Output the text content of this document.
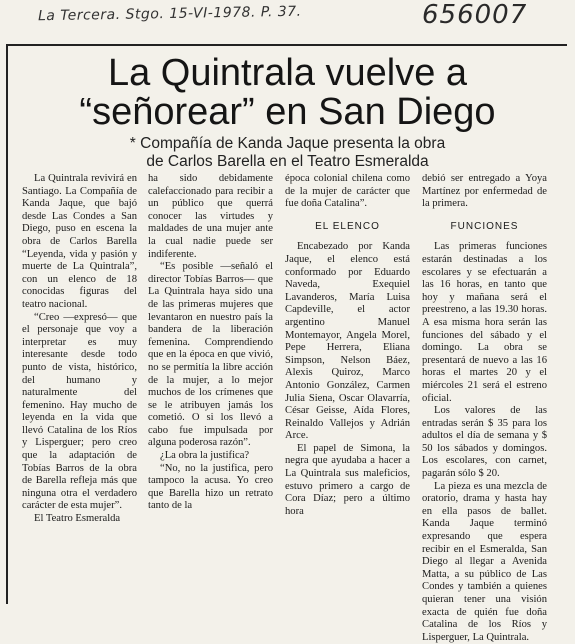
La Tercera. Stgo. 15-VI-1978. P. 37.	656007
La Quintrala vuelve a
“señorear” en San Diego
* Compañía de Kanda Jaque presenta la obra
de Carlos Barella en el Teatro Esmeralda

La Quintrala revivirá en Santiago. La Compañía de Kanda Jaque, que bajó desde Las Condes a San Diego, puso en escena la obra de Carlos Barella “Leyenda, vida y pasión y muerte de La Quintrala”, con un elenco de 18 conocidas figuras del teatro nacional.

“Creo —expresó— que el personaje que voy a interpretar es muy interesante desde todo punto de vista, histórico, del humano y naturalmente del femenino. Hay mucho de leyenda en la vida que llevó Catalina de los Ríos y Lisperguer; pero creo que la adaptación de Tobías Barros de la obra de Barella refleja más que ninguna otra el verdadero carácter de esta mujer”.

El Teatro Esmeralda

ha sido debidamente calefaccionado para recibir a un público que querrá conocer las virtudes y maldades de una mujer ante la cual nadie puede ser indiferente.

“Es posible —señaló el director Tobías Barros— que La Quintrala haya sido una de las primeras mujeres que levantaron en nuestro país la bandera de la liberación femenina. Comprendiendo que en la época en que vivió, no se permitía la libre acción de la mujer, a lo mejor muchos de los crímenes que se le atribuyen jamás los cometió. O si los llevó a cabo fue impulsada por alguna poderosa razón”.

¿La obra la justifica?

“No, no la justifica, pero tampoco la acusa. Yo creo que Barella hizo un retrato tanto de la

época colonial chilena como de la mujer de carácter que fue doña Catalina”.

EL ELENCO

Encabezado por Kanda Jaque, el elenco está conformado por Eduardo Naveda, Exequiel Lavanderos, María Luisa Capdeville, el actor argentino Manuel Montemayor, Angela Morel, Pepe Herrera, Eliana Simpson, Nelson Báez, Alexis Quiroz, Marco Antonio González, Carmen Julia Siena, Oscar Olavarría, César Geisse, Aída Flores, Reinaldo Vallejos y Adrián Arce.

El papel de Simona, la negra que ayudaba a hacer a La Quintrala sus maleficios, estuvo primero a cargo de Cora Díaz; pero a último hora

debió ser entregado a Yoya Martínez por enfermedad de la primera.

FUNCIONES

Las primeras funciones estarán destinadas a los escolares y se efectuarán a las 16 horas, en tanto que hoy y mañana será el preestreno, a las 19.30 horas. A esa misma hora serán las funciones del sábado y el domingo. La obra se presentará de nuevo a las 16 horas el martes 20 y el miércoles 21 será el estreno oficial.

Los valores de las entradas serán $ 35 para los adultos el día de semana y $ 50 los sábados y domingos. Los escolares, con carnet, pagarán sólo $ 20.

La pieza es una mezcla de oratorio, drama y hasta hay en ella pasos de ballet. Kanda Jaque terminó expresando que espera recibir en el Esmeralda, San Diego al llegar a Avenida Matta, a su público de Las Condes y también a quienes quieran tener una visión exacta de quién fue doña Catalina de los Ríos y Lisperguer, La Quintrala.
